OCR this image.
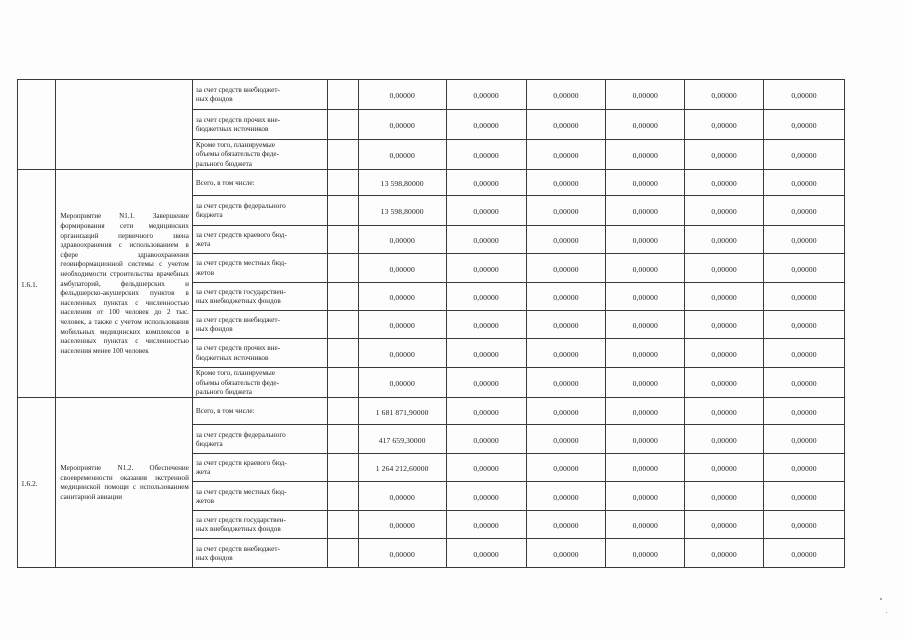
		за счет средств внебюджет-
ных фондов		0,00000	0,00000	0,00000	0,00000	0,00000	0,00000
		за счет средств прочих вне-
бюджетных источников		0,00000	0,00000	0,00000	0,00000	0,00000	0,00000
		Кроме того, планируемые
объемы обязательств феде-
рального бюджета		0,00000	0,00000	0,00000	0,00000	0,00000	0,00000
1.6.1.	Мероприятие N1.1. Завершение формирования сети медицинских организаций первичного звена здравоохранения с использованием в сфере здравоохранения геоинформационной системы с учетом необходимости строительства врачебных амбулаторий, фельдшерских и фельдшерско-акушерских пунктов в населенных пунктах с численностью населения от 100 человек до 2 тыс. человек, а также с учетом использования мобильных медицинских комплексов в населенных пунктах с численностью населения менее 100 человек	Всего, в том числе:		13 598,80000	0,00000	0,00000	0,00000	0,00000	0,00000
		за счет средств федерального
бюджета		13 598,80000	0,00000	0,00000	0,00000	0,00000	0,00000
		за счет средств краевого бюд-
жета		0,00000	0,00000	0,00000	0,00000	0,00000	0,00000
		за счет средств местных бюд-
жетов		0,00000	0,00000	0,00000	0,00000	0,00000	0,00000
		за счет средств государствен-
ных внебюджетных фондов		0,00000	0,00000	0,00000	0,00000	0,00000	0,00000
		за счет средств внебюджет-
ных фондов		0,00000	0,00000	0,00000	0,00000	0,00000	0,00000
		за счет средств прочих вне-
бюджетных источников		0,00000	0,00000	0,00000	0,00000	0,00000	0,00000
		Кроме того, планируемые
объемы обязательств феде-
рального бюджета		0,00000	0,00000	0,00000	0,00000	0,00000	0,00000
1.6.2.	Мероприятие N1.2. Обеспечение своевременности оказания экстренной медицинской помощи с использованием санитарной авиации	Всего, в том числе:		1 681 871,90000	0,00000	0,00000	0,00000	0,00000	0,00000
		за счет средств федерального
бюджета		417 659,30000	0,00000	0,00000	0,00000	0,00000	0,00000
		за счет средств краевого бюд-
жета		1 264 212,60000	0,00000	0,00000	0,00000	0,00000	0,00000
		за счет средств местных бюд-
жетов		0,00000	0,00000	0,00000	0,00000	0,00000	0,00000
		за счет средств государствен-
ных внебюджетных фондов		0,00000	0,00000	0,00000	0,00000	0,00000	0,00000
		за счет средств внебюджет-
ных фондов		0,00000	0,00000	0,00000	0,00000	0,00000	0,00000
